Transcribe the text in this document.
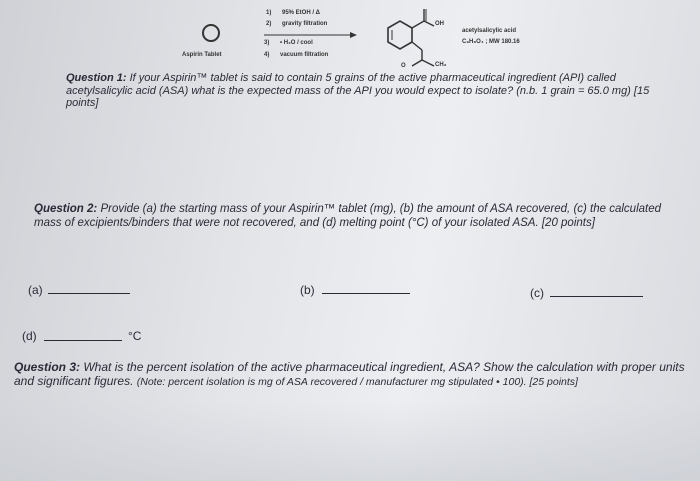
Aspirin Tablet
1) 95% EtOH / Δ
2) gravity filtration
3) • H₂O / cool
4) vacuum filtration
OH
O	CH₃
acetylsalicylic acid
C₉H₈O₄ ; MW 180.16
Question 1: If your Aspirin™ tablet is said to contain 5 grains of the active pharmaceutical ingredient (API) called acetylsalicylic acid (ASA) what is the expected mass of the API you would expect to isolate? (n.b. 1 grain = 65.0 mg) [15 points]
Question 2: Provide (a) the starting mass of your Aspirin™ tablet (mg), (b) the amount of ASA recovered, (c) the calculated mass of excipients/binders that were not recovered, and (d) melting point (°C) of your isolated ASA. [20 points]
(a)	(b)	(c)
(d)	°C
Question 3: What is the percent isolation of the active pharmaceutical ingredient, ASA? Show the calculation with proper units and significant figures. (Note: percent isolation is mg of ASA recovered / manufacturer mg stipulated • 100). [25 points]
